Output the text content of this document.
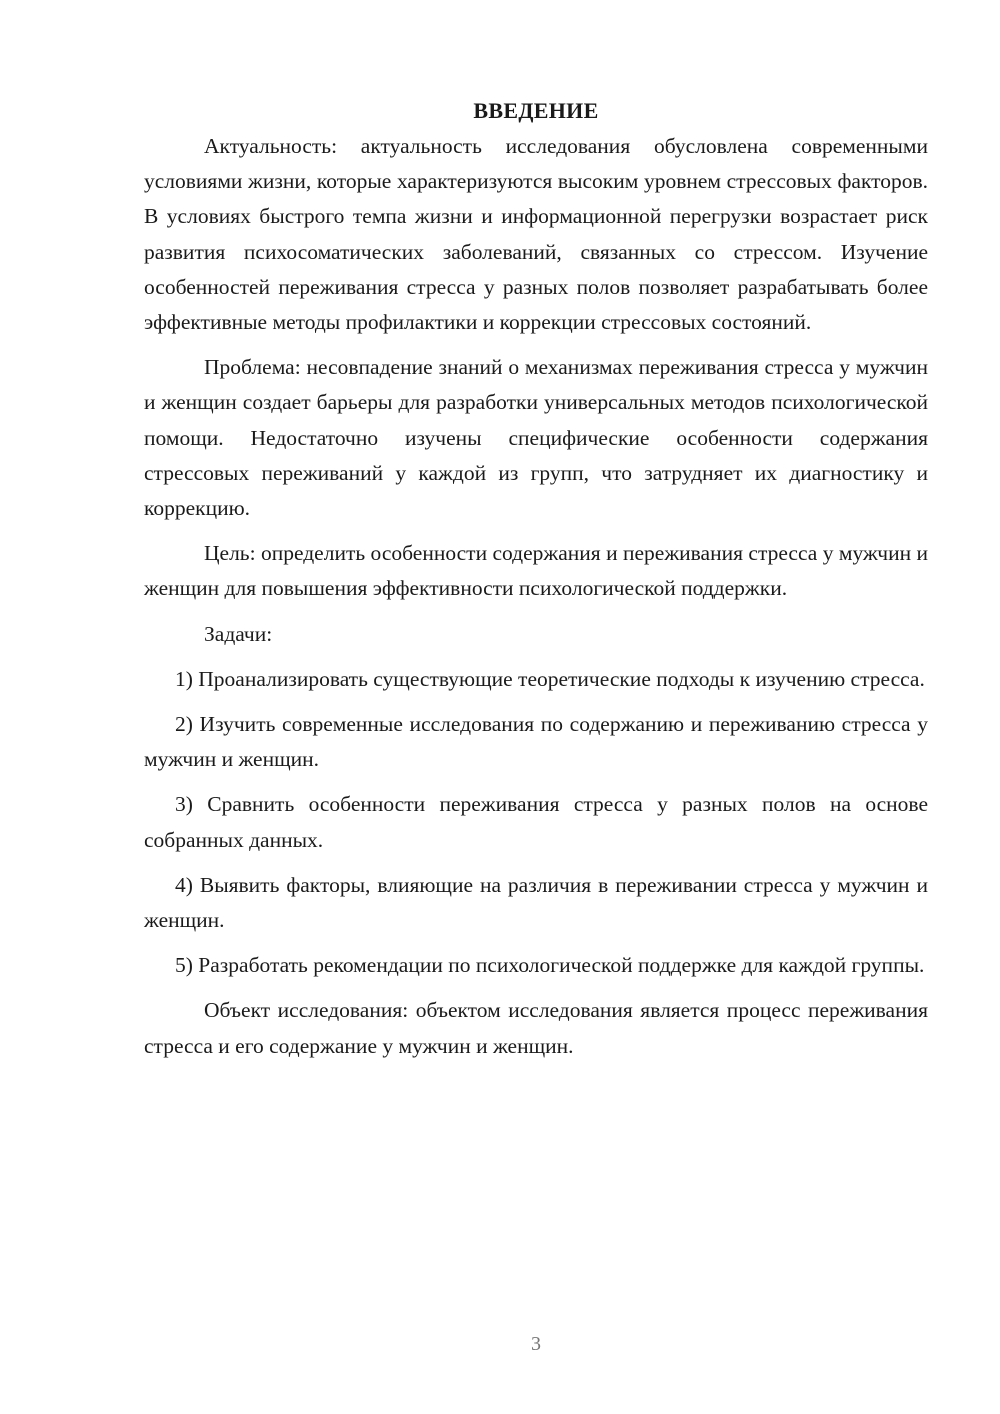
ВВЕДЕНИЕ

Актуальность: актуальность исследования обусловлена современными условиями жизни, которые характеризуются высоким уровнем стрессовых факторов. В условиях быстрого темпа жизни и информационной перегрузки возрастает риск развития психосоматических заболеваний, связанных со стрессом. Изучение особенностей переживания стресса у разных полов позволяет разрабатывать более эффективные методы профилактики и коррекции стрессовых состояний.

Проблема: несовпадение знаний о механизмах переживания стресса у мужчин и женщин создает барьеры для разработки универсальных методов психологической помощи. Недостаточно изучены специфические особенности содержания стрессовых переживаний у каждой из групп, что затрудняет их диагностику и коррекцию.

Цель: определить особенности содержания и переживания стресса у мужчин и женщин для повышения эффективности психологической поддержки.

Задачи:

1) Проанализировать существующие теоретические подходы к изучению стресса.

2) Изучить современные исследования по содержанию и переживанию стресса у мужчин и женщин.

3) Сравнить особенности переживания стресса у разных полов на основе собранных данных.

4) Выявить факторы, влияющие на различия в переживании стресса у мужчин и женщин.

5) Разработать рекомендации по психологической поддержке для каждой группы.

Объект исследования: объектом исследования является процесс переживания стресса и его содержание у мужчин и женщин.

3
